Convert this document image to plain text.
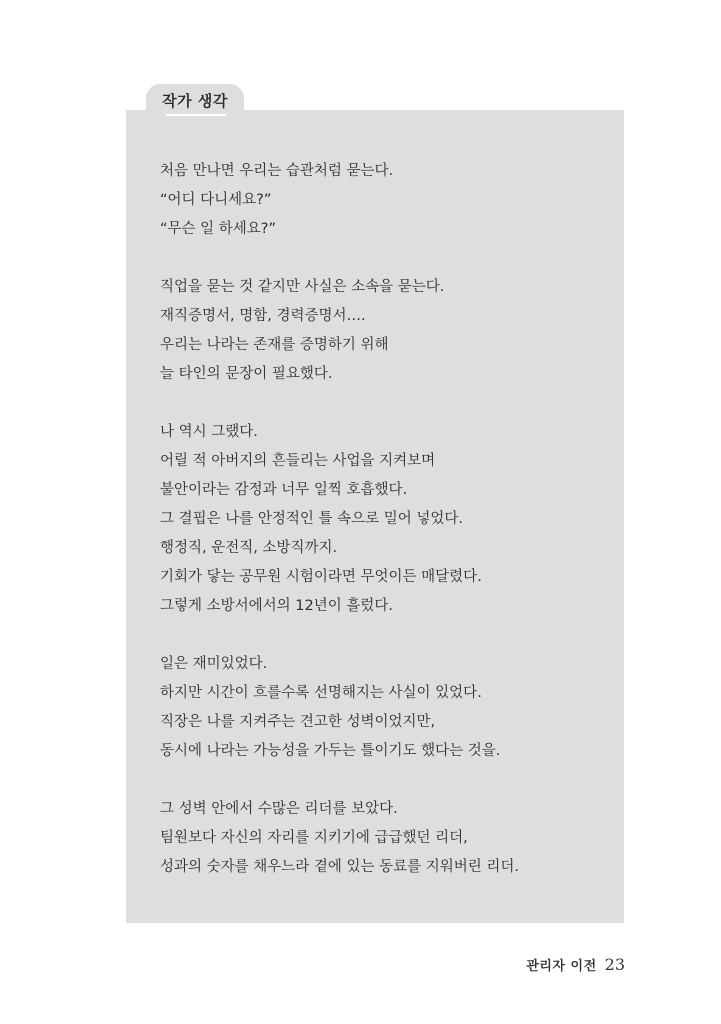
작가 생각
처음 만나면 우리는 습관처럼 묻는다.
“어디 다니세요?”
“무슨 일 하세요?”
직업을 묻는 것 같지만 사실은 소속을 묻는다.
재직증명서, 명함, 경력증명서….
우리는 나라는 존재를 증명하기 위해
늘 타인의 문장이 필요했다.
나 역시 그랬다.
어릴 적 아버지의 흔들리는 사업을 지켜보며
불안이라는 감정과 너무 일찍 호흡했다.
그 결핍은 나를 안정적인 틀 속으로 밀어 넣었다.
행정직, 운전직, 소방직까지.
기회가 닿는 공무원 시험이라면 무엇이든 매달렸다.
그렇게 소방서에서의 12년이 흘렀다.
일은 재미있었다.
하지만 시간이 흐를수록 선명해지는 사실이 있었다.
직장은 나를 지켜주는 견고한 성벽이었지만,
동시에 나라는 가능성을 가두는 틀이기도 했다는 것을.
그 성벽 안에서 수많은 리더를 보았다.
팀원보다 자신의 자리를 지키기에 급급했던 리더,
성과의 숫자를 채우느라 곁에 있는 동료를 지워버린 리더.
관리자 이전 23
